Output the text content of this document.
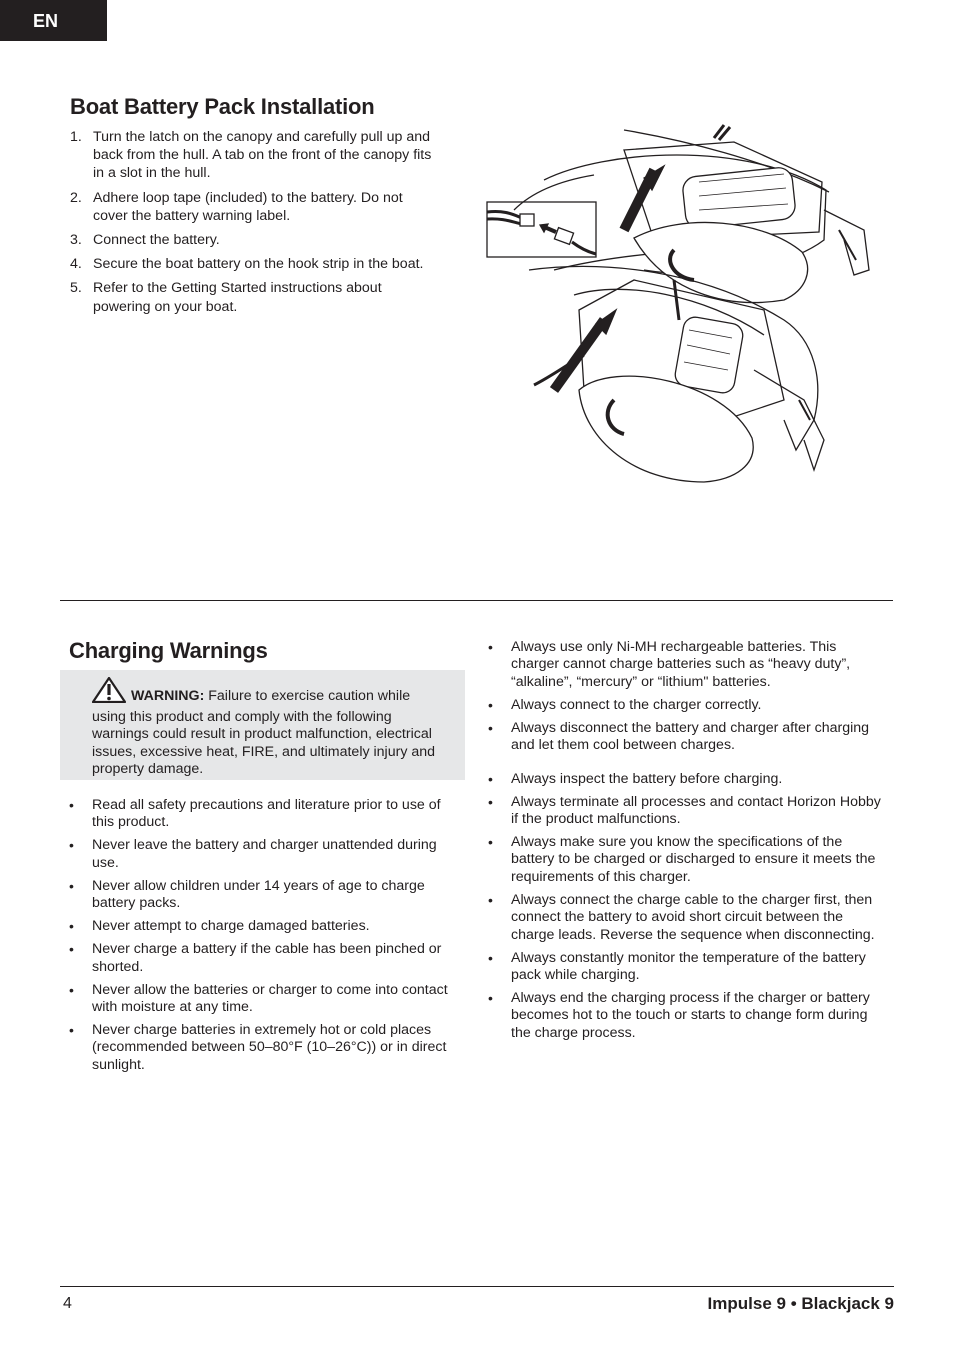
EN
Boat Battery Pack Installation
1. Turn the latch on the canopy and carefully pull up and back from the hull. A tab on the front of the canopy fits in a slot in the hull.
2. Adhere loop tape (included) to the battery. Do not cover the battery warning label.
3. Connect the battery.
4. Secure the boat battery on the hook strip in the boat.
5. Refer to the Getting Started instructions about powering on your boat.
Charging Warnings
WARNING: Failure to exercise caution while using this product and comply with the following warnings could result in product malfunction, electrical issues, excessive heat, FIRE, and ultimately injury and property damage.
• Read all safety precautions and literature prior to use of this product.
• Never leave the battery and charger unattended during use.
• Never allow children under 14 years of age to charge battery packs.
• Never attempt to charge damaged batteries.
• Never charge a battery if the cable has been pinched or shorted.
• Never allow the batteries or charger to come into contact with moisture at any time.
• Never charge batteries in extremely hot or cold places (recommended between 50–80°F (10–26°C)) or in direct sunlight.
• Always use only Ni-MH rechargeable batteries. This charger cannot charge batteries such as “heavy duty”, “alkaline”, “mercury” or “lithium" batteries.
• Always connect to the charger correctly.
• Always disconnect the battery and charger after charging and let them cool between charges.
• Always inspect the battery before charging.
• Always terminate all processes and contact Horizon Hobby if the product malfunctions.
• Always make sure you know the specifications of the battery to be charged or discharged to ensure it meets the requirements of this charger.
• Always connect the charge cable to the charger first, then connect the battery to avoid short circuit between the charge leads. Reverse the sequence when disconnecting.
• Always constantly monitor the temperature of the battery pack while charging.
• Always end the charging process if the charger or battery becomes hot to the touch or starts to change form during the charge process.
4	Impulse 9 • Blackjack 9
